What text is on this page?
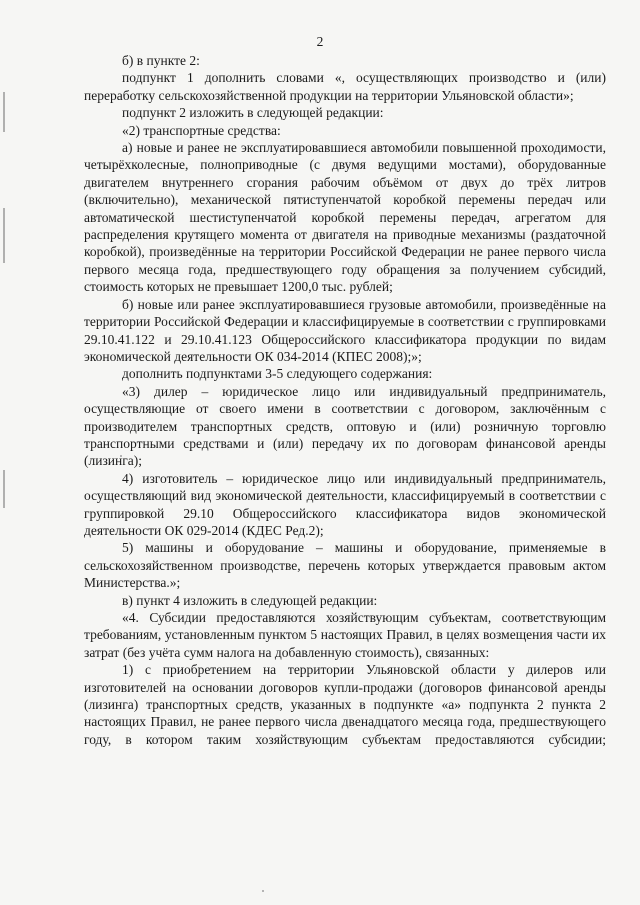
2

б) в пункте 2:

подпункт 1 дополнить словами «, осуществляющих производство и (или) переработку сельскохозяйственной продукции на территории Ульяновской области»;

подпункт 2 изложить в следующей редакции:

«2) транспортные средства:

а) новые и ранее не эксплуатировавшиеся автомобили повышенной проходимости, четырёхколесные, полноприводные (с двумя ведущими мостами), оборудованные двигателем внутреннего сгорания рабочим объёмом от двух до трёх литров (включительно), механической пятиступенчатой коробкой перемены передач или автоматической шестиступенчатой коробкой перемены передач, агрегатом для распределения крутящего момента от двигателя на приводные механизмы (раздаточной коробкой), произведённые на территории Российской Федерации не ранее первого числа первого месяца года, предшествующего году обращения за получением субсидий, стоимость которых не превышает 1200,0 тыс. рублей;

б) новые или ранее эксплуатировавшиеся грузовые автомобили, произведённые на территории Российской Федерации и классифицируемые в соответствии с группировками 29.10.41.122 и 29.10.41.123 Общероссийского классификатора продукции по видам экономической деятельности ОК 034-2014 (КПЕС 2008);»;

дополнить подпунктами 3-5 следующего содержания:

«3) дилер – юридическое лицо или индивидуальный предприниматель, осуществляющие от своего имени в соответствии с договором, заключённым с производителем транспортных средств, оптовую и (или) розничную торговлю транспортными средствами и (или) передачу их по договорам финансовой аренды (лизинга);

4) изготовитель – юридическое лицо или индивидуальный предприниматель, осуществляющий вид экономической деятельности, классифицируемый в соответствии с группировкой 29.10 Общероссийского классификатора видов экономической деятельности ОК 029-2014 (КДЕС Ред.2);

5) машины и оборудование – машины и оборудование, применяемые в сельскохозяйственном производстве, перечень которых утверждается правовым актом Министерства.»;

в) пункт 4 изложить в следующей редакции:

«4. Субсидии предоставляются хозяйствующим субъектам, соответствующим требованиям, установленным пунктом 5 настоящих Правил, в целях возмещения части их затрат (без учёта сумм налога на добавленную стоимость), связанных:

1) с приобретением на территории Ульяновской области у дилеров или изготовителей на основании договоров купли-продажи (договоров финансовой аренды (лизинга) транспортных средств, указанных в подпункте «а» подпункта 2 пункта 2 настоящих Правил, не ранее первого числа двенадцатого месяца года, предшествующего году, в котором таким хозяйствующим субъектам предоставляются субсидии;
